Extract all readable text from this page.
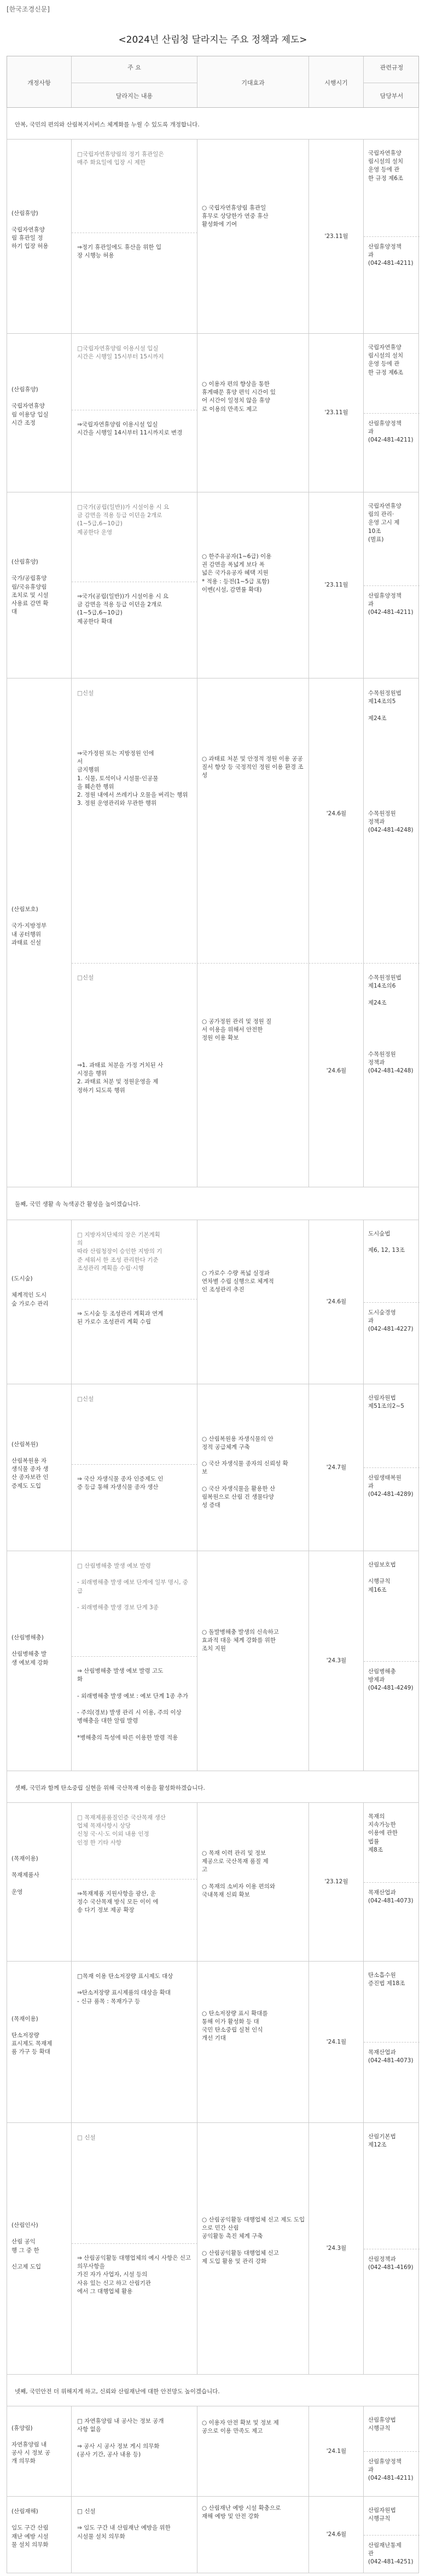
[한국조경신문]
<2024년 산림청 달라지는 주요 정책과 제도>
개정사항
주 요
달라지는 내용
기대효과	시행시기
관련규정
담당부서
안복, 국민의 편의와 산림복지서비스 체계화를 누릴 수 있도록 개정합니다.
(산림휴양)

국립자연휴양
림 휴관일 정
하기 입장 허용
□국립자연휴양림의 정기 휴관일은
매주 화요일에 입장 시 제한
⇒정기 휴관일에도 휴산을 위한 입
장 시행능 허용
○ 국립자연휴양림 휴관일
휴무로 상당한가 연중 휴산
활성화에 기여
'23.11월
국립자연휴양
림시설의 설치
운영 등에 관
한 규정 제6조
산림휴양정책
과
(042-481-4211)
(산림휴양)

국립자연휴양
림 이용당 입실
시간 조정
□국립자연휴양림 이용시설 입실
시간은 시행일 15시부터 15시까지
⇒국립자연휴양림 이용시설 입실
시간을 시행일 14시부터 11시까지로 변경
○ 이용자 편의 향상을 통한
휴게때문 휴양 편익 시간이 있
어 시간이 일정치 않을 휴양
로 이용의 만족도 제고
'23.11월
국립자연휴양
림시설의 설치
운영 등에 관
한 규정 제6조
산림휴양정책
과
(042-481-4211)
(산림휴양)

국가/공립휴양
림/국유휴양림
조치로 및 시설
사용료 감면 확
대
□국가(공립(일반))가 시설이용 시 요
금 감면을 적용 등급 이던을 2개로
(1~5급,6~10급)
제공한다 운영
⇒국가(공립(일반))가 시설이용 시 요
금 감면을 적용 등급 이던을 2개로
(1~5급,6~10급)
제공한다 확대
○ 한주유공자(1~6급) 이용
권 감면을 폭넓게 보다 폭
넓은 국가유공자 혜택 지원
* 적용 : 등전(1~5급 포함)
이벤(시설, 감면률 확대)
'23.11월
국립자연휴양
림의 관리·
운영 고시 제
10조
(벌표)
산림휴양정책
과
(042-481-4211)
(산림보호)

국가·지방정부
내 공터행위
과태료 신설
□신설
⇒국가정원 또는 지방정원 인에
서
금지행위
1. 식물, 토석이나 시설물·인공물
을 훼손한 행위
2. 정원 내에서 쓰레기나 오물을 버리는 행위
3. 정원 운영관리와 무관한 행위
○ 과태료 처분 및 안정적 정원 이용 공공
질서 향상 등 국정적인 정원 이용 환경 조성
'24.6월
수목원정원법
제14조의5

제24조
수목원정원
정책과
(042-481-4248)
□신설
⇒1. 과태료 처분을 가정 거치된 사
시정을 행위
2. 과태료 처분 및 정원운영을 제
정하기 되도록 행위
○ 공가정원 관리 및 정원 질
서 이용을 위해서 안전한
정원 이용 확보
'24.6월
수목원정원법
제14조의6

제24조
수목원정원
정책과
(042-481-4248)
둘째, 국민 생활 속 녹색공간 활성을 높이겠습니다.
(도시숲)

체계적인 도시
숲 가로수 관리
□ 지방자치단체의 장은 기본계획
의
따라 산림청장이 승인한 지방의 기
준 세워서 한 조성 관리한다 기준
조성관리 계획을 수립·시행
⇒ 도시숲 등 조성관리 계획과 연계
된 가로수 조성관리 계획 수립
○ 가로수 수량 폭넓 실정과
연차별 수립 실행으로 체계적
인 조성관리 추진
'24.6월
도시숲법

제6, 12, 13조
도시숲경영
과
(042-481-4227)
(산림복원)

산림복원용 자
생식물 종자 생
산 종자보관 인
증제도 도입
□신설
⇒ 국산 자생식물 종자 인증제도 인
증 등급 통해 자생식물 종자 생산
○ 산림복원용 자생식물의 안
정적 공급체계 구축

○ 국산 자생식물 종자의 신뢰성 확
보

○ 국산 자생식물을 활용한 산
림복원으로 산림 건 생물다양
성 증대
'24.7월
산림자원법
제51조의2~5
산림생태복원
과
(042-481-4289)
(산림병해충)

산림병해충 발
생 예보제 강화
□ 산림병해충 발생 예보 발령

- 외래병해충 발생 예보 단계에 일부 명시, 중급

- 외래병해충 발생 경보 단계 3종
⇒ 산림병해충 발생 예보 발령 고도
화

- 외래병해충 발생 예보 : 예보 단계 1종 추가

- 주의(경보) 발생 관리 시 이용, 주의 이상
병해충을 대한 알림 발령

*병해충의 특성에 따른 이용한 발령 적용
○ 돌발병해충 발생의 신속하고
효과적 대응 체계 강화를 위한
조치 지원
'24.3월
산림보호법

시행규칙
제16조
산림병해충
방제과
(042-481-4249)
셋째, 국민과 함께 탄소중립 실현을 위해 국산목재 이용을 활성화하겠습니다.
(목재이용)

목재제품사

운영
□ 목재제품품질인증 국산목재 생산
업체 목재사항시 상당
신청 국·시·도 이외 내용 인정
인정 한 기타 사항
⇒목재제품 지원사항을 광산, 운
정수 국산목재 방식 모든 이이 에
송 다기 정보 제공 확장
○ 목재 이력 관리 및 정보
제공으로 국산목재 품질 제
고

○ 목재의 소비자 이용 편의와
국내목재 신뢰 확보
'23.12월
목재의
지속가능한
이용에 관한
법률
제8조
목재산업과
(042-481-4073)
(목재이용)

탄소저장량
표시제도 목재제
품 가구 등 확대
□목재 이용 탄소저장량 표시제도 대상

⇒탄소저장량 표시제품의 대상을 확대
- 신규 품목 : 목재가구 등
○ 탄소저장량 표시 확대를
통해 이가 활성화 등 대
국민 탄소중립 실천 인식
개선 기대
'24.1월
탄소흡수원
증진법 제18조
목재산업과
(042-481-4073)
(산림인사)

산림 공익
행 그 중 한

신고제 도입
□ 신설
⇒ 산림공익활동 대행업체의 예시 사항은 신고 의무사항을
가진 자가 사업자, 시설 등의
사유 있는 신고 하고 산림기관
에서 그 대행업체 활용
○ 산림공익활동 대행업체 신고 제도 도입으로 민간 산림
공익활동 촉진 체계 구축

○ 산림공익활동 대행업체 신고
제 도입 활용 및 관리 강화
'24.3월
산림기본법
제12조
산림정책과
(042-481-4169)
넷째, 국민안전 더 위해지게 하고, 신뢰와 산림재난에 대한 안전망도 높이겠습니다.
(휴양림)

자연휴양림 내
공사 시 정보 공
개 의무화
□ 자연휴양림 내 공사는 정보 공개
사항 없음

⇒ 공사 시 공사 정보 게시 의무화
(공사 기간, 공사 내용 등)
○ 이용자 안전 확보 및 정보 제
공으로 이용 만족도 제고
'24.1월
산림휴양법
시행규칙
산림휴양정책
과
(042-481-4211)
(산림재해)

임도 구간 산림
재난 예방 시설
물 설치 의무화
□ 신설

⇒ 임도 구간 내 산림재난 예방을 위한
시설물 설치 의무화
○ 산림재난 예방 시설 확충으로
재해 예방 및 안전 강화
'24.6월
산림자원법
시행규칙
산림재난통제
관
(042-481-4251)
